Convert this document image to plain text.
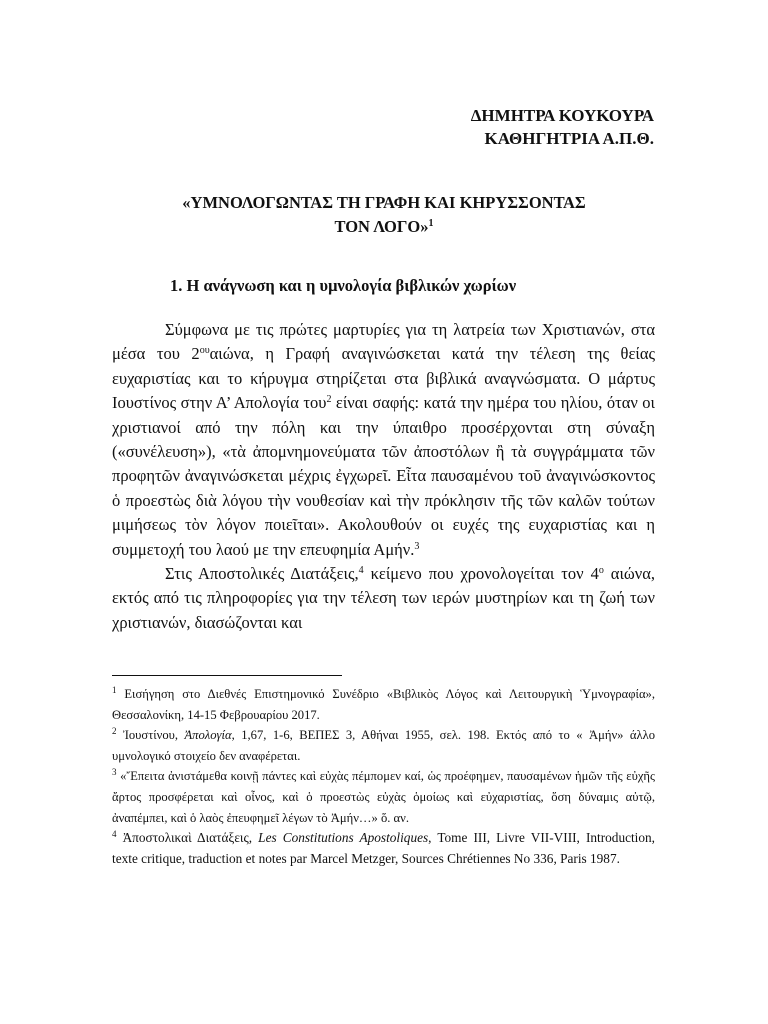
ΔΗΜΗΤΡΑ ΚΟΥΚΟΥΡΑ
ΚΑΘΗΓΗΤΡΙΑ Α.Π.Θ.
«ΥΜΝΟΛΟΓΩΝΤΑΣ ΤΗ ΓΡΑΦΗ ΚΑΙ ΚΗΡΥΣΣΟΝΤΑΣ
ΤΟΝ ΛΟΓΟ»$^1$
1. Η ανάγνωση και η υμνολογία βιβλικών χωρίων

Σύμφωνα με τις πρώτες μαρτυρίες για τη λατρεία των Χριστιανών, στα μέσα του $2^{o\upsilon}\alpha\iota ώ\nu\alpha$, η Γραφή αναγινώσκεται κατά την τέλεση της θείας ευχαριστίας και το κήρυγμα στηρίζεται στα βιβλικά αναγνώσματα. Ο μάρτυς Ιουστίνος στην Α’ Απολογία του$^2$ είναι σαφής: κατά την ημέρα του ηλίου, όταν οι χριστιανοί από την πόλη και την ύπαιθρο προσέρχονται στη σύναξη («συνέλευση»), «τὰ ἀπομνημονεύματα τῶν ἀποστόλων ἢ τὰ συγγράμματα τῶν προφητῶν ἀναγινώσκεται μέχρις ἐγχωρεῖ. Εἶτα παυσαμένου τοῦ ἀναγινώσκοντος ὁ προεστὼς διὰ λόγου τὴν νουθεσίαν καὶ τὴν πρόκλησιν τῆς τῶν καλῶν τούτων μιμήσεως τὸν λόγον ποιεῖται». Ακολουθούν οι ευχές της ευχαριστίας και η συμμετοχή του λαού με την επευφημία Αμήν.$^3$

Στις Αποστολικές Διατάξεις,$^4$ κείμενο που χρονολογείται τον $4^o$ αιώνα, εκτός από τις πληροφορίες για την τέλεση των ιερών μυστηρίων και τη ζωή των χριστιανών, διασώζονται και

$^1$ Εισήγηση στο Διεθνές Επιστημονικό Συνέδριο «Βιβλικὸς Λόγος καὶ Λειτουργικὴ Ὑμνογραφία», Θεσσαλονίκη, 14-15 Φεβρουαρίου 2017.

$^2$ Ἰουστίνου, Ἀπολογία, 1,67, 1-6, ΒΕΠΕΣ 3, Αθήναι 1955, σελ. 198. Εκτός από το « Ἀμήν» άλλο υμνολογικό στοιχείο δεν αναφέρεται.

$^3$ «Ἔπειτα ἀνιστάμεθα κοινῇ πάντες καὶ εὐχὰς πέμπομεν καί, ὡς προέφημεν, παυσαμένων ἡμῶν τῆς εὐχῆς ἄρτος προσφέρεται καὶ οἶνος, καὶ ὁ προεστὼς εὐχὰς ὁμοίως καὶ εὐχαριστίας, ὅση δύναμις αὐτῷ, ἀναπέμπει, καὶ ὁ λαὸς ἐπευφημεῖ λέγων τὸ Ἀμήν…» ὅ. αν.

$^4$ Ἀποστολικαὶ Διατάξεις, Les Constitutions Apostoliques, Tome III, Livre VII-VIII, Introduction, texte critique, traduction et notes par Marcel Metzger, Sources Chrétiennes No 336, Paris 1987.
